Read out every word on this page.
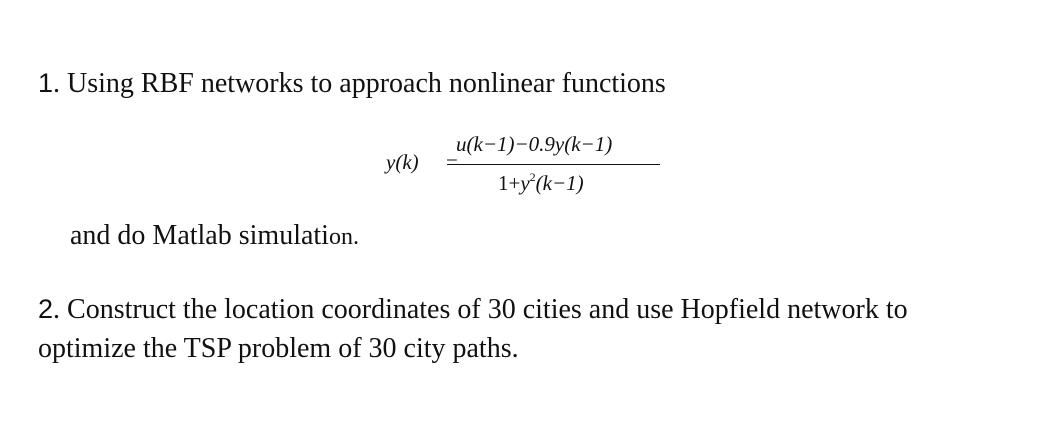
1. Using RBF networks to approach nonlinear functions
y(k) =
u(k−1)−0.9y(k−1)
$1+y^2(k-1)$
and do Matlab simulation.
2. Construct the location coordinates of 30 cities and use Hopfield network to
optimize the TSP problem of 30 city paths.
